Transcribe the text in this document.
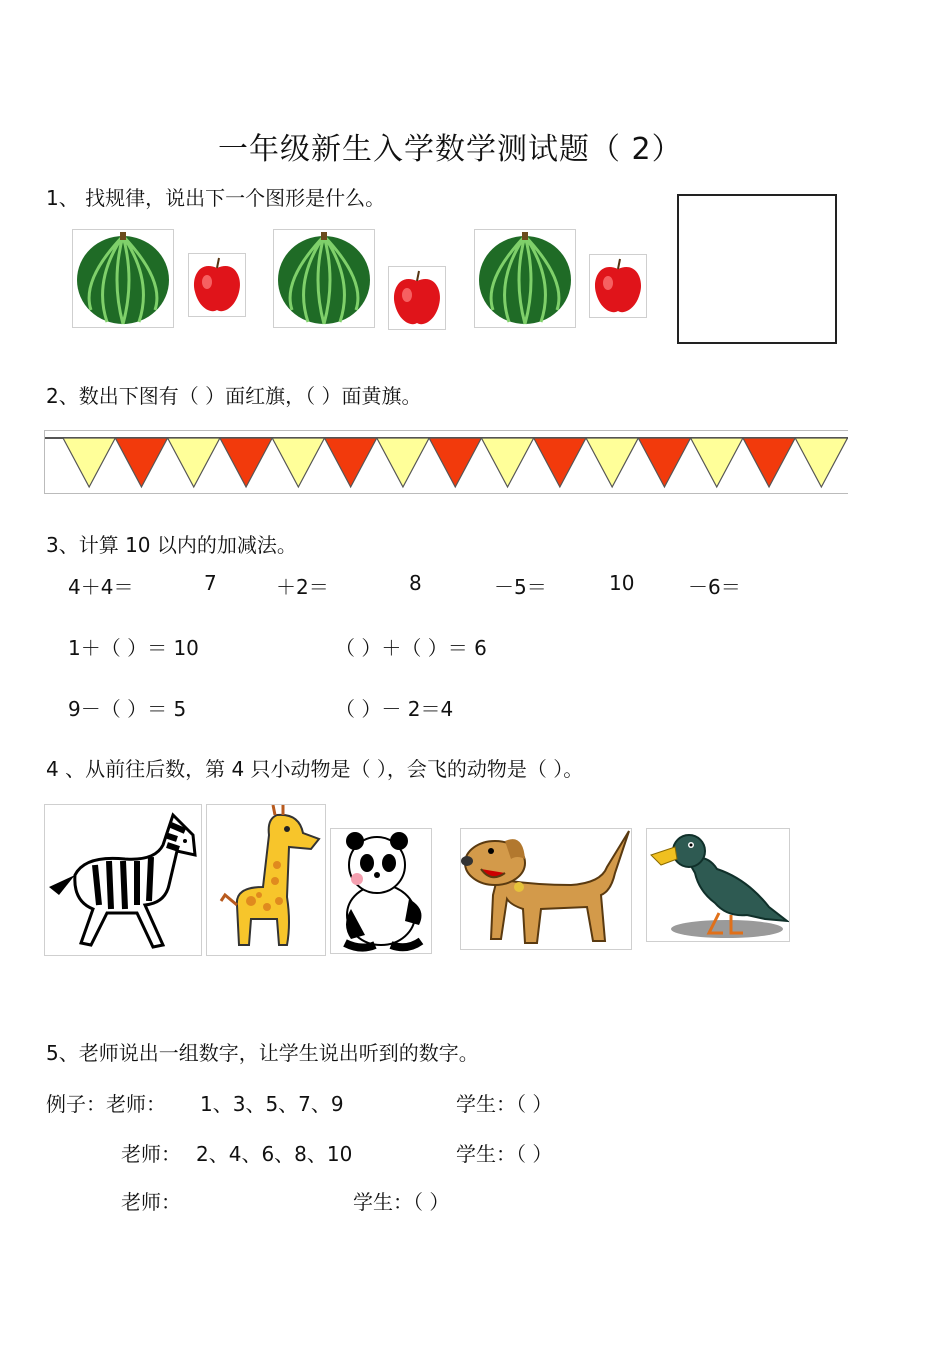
一年级新生入学数学测试题（ 2）
1、 找规律，说出下一个图形是什么。
2、数出下图有（ ）面红旗，（ ）面黄旗。
3、计算 10 以内的加减法。
4＋4＝	7	＋2＝	8	－5＝	10	－6＝
1＋（ ）＝ 10	（ ）＋（ ）＝ 6
9－（ ）＝ 5	（ ）－ 2＝4
4 、从前往后数，第 4 只小动物是（ ），会飞的动物是（ ）。
5、老师说出一组数字，让学生说出听到的数字。
例子：老师： 1、3、5、7、9	学生：（ ）
老师： 2、4、6、8、10	学生：（ ）
老师：	学生：（ ）
